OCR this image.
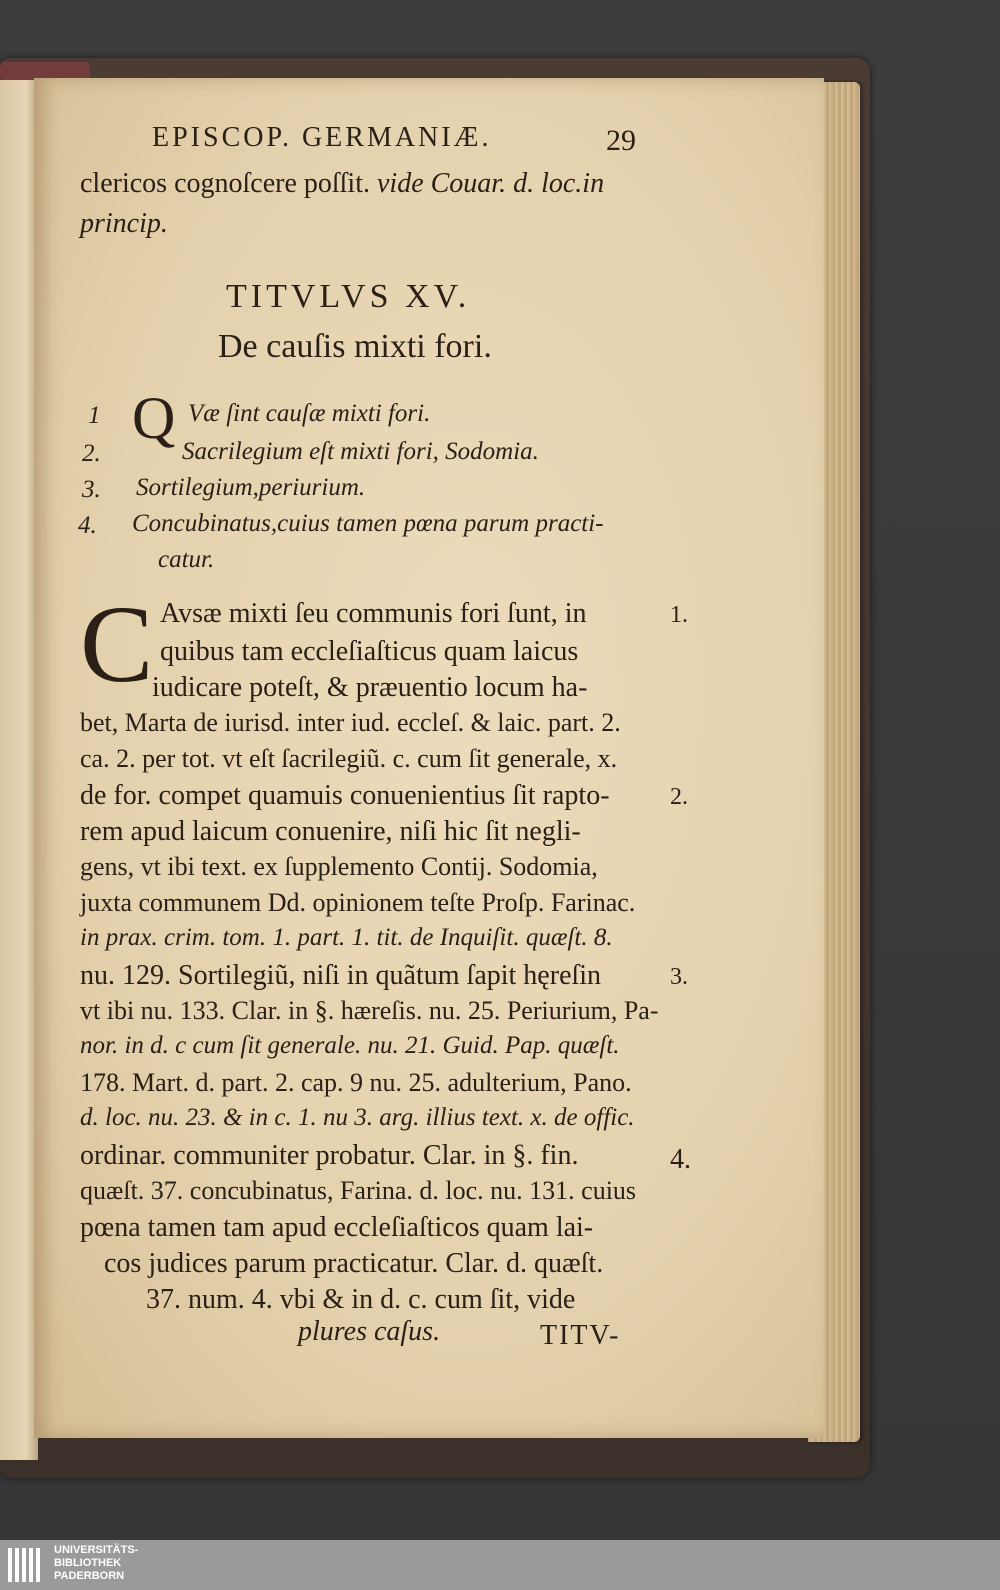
EPISCOP. GERMANIÆ.	29
clericos cognoſcere poſſit. vide Couar. d. loc.in
princip.
TITVLVS XV.
De cauſis mixti fori.
Q
1	Væ ſint cauſæ mixti fori.
2.	Sacrilegium eſt mixti fori, Sodomia.
3. Sortilegium,periurium.
4. Concubinatus,cuius tamen pœna parum practi-
catur.
C Avsæ mixti ſeu communis fori ſunt, in
quibus tam eccleſiaſticus quam laicus
iudicare poteſt, & præuentio locum ha-
bet, Marta de iurisd. inter iud. eccleſ. & laic. part. 2.
ca. 2. per tot. vt eſt ſacrilegiũ. c. cum ſit generale, x.
de for. compet quamuis conuenientius ſit rapto-
rem apud laicum conuenire, niſi hic ſit negli-
gens, vt ibi text. ex ſupplemento Contij. Sodomia,
juxta communem Dd. opinionem teſte Proſp. Farinac.
in prax. crim. tom. 1. part. 1. tit. de Inquiſit. quæſt. 8.
nu. 129. Sortilegiũ, niſi in quãtum ſapit hęreſin
vt ibi nu. 133. Clar. in §. hæreſis. nu. 25. Periurium, Pa-
nor. in d. c cum ſit generale. nu. 21. Guid. Pap. quæſt.
178. Mart. d. part. 2. cap. 9 nu. 25. adulterium, Pano.
d. loc. nu. 23. & in c. 1. nu 3. arg. illius text. x. de offic.
ordinar. communiter probatur. Clar. in §. fin.
quæſt. 37. concubinatus, Farina. d. loc. nu. 131. cuius
pœna tamen tam apud eccleſiaſticos quam lai-
cos judices parum practicatur. Clar. d. quæſt.
37. num. 4. vbi & in d. c. cum ſit, vide
plures caſus.
1.
2.
3.
4.
TITV-
UNIVERSITÄTS-
BIBLIOTHEK
PADERBORN
